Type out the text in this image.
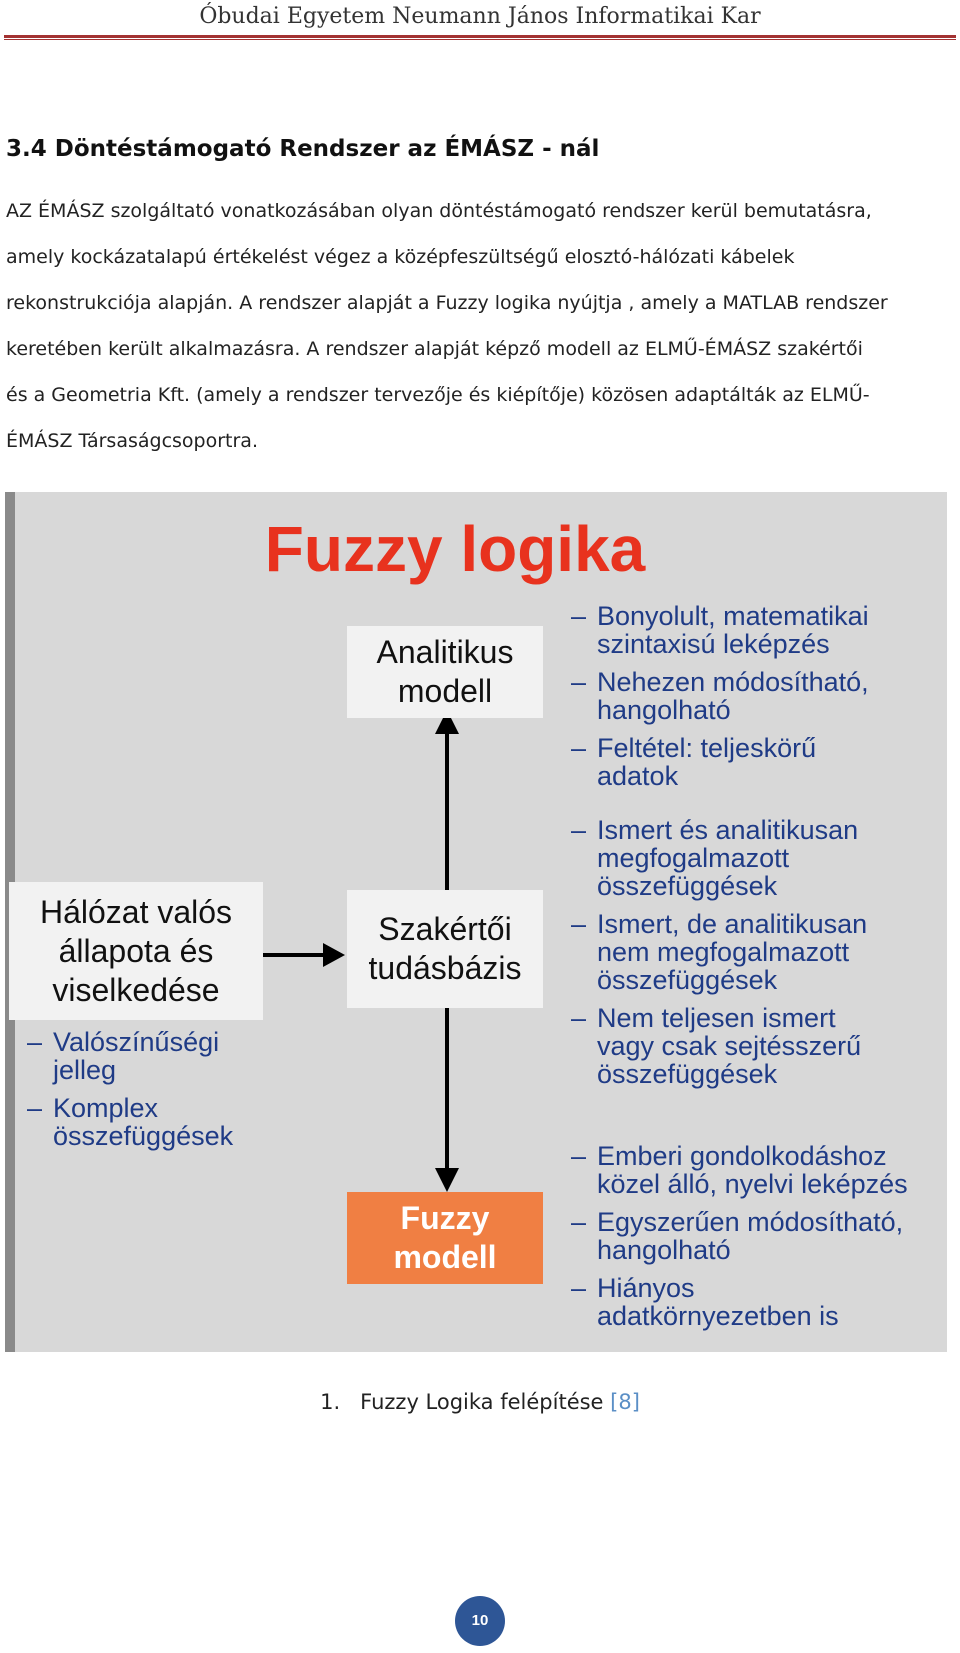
Óbudai Egyetem Neumann János Informatikai Kar
3.4 Döntéstámogató Rendszer az ÉMÁSZ - nál
AZ ÉMÁSZ szolgáltató vonatkozásában olyan döntéstámogató rendszer kerül bemutatásra,
amely kockázatalapú értékelést végez a középfeszültségű elosztó-hálózati kábelek
rekonstrukciója alapján. A rendszer alapját a Fuzzy logika nyújtja , amely a MATLAB rendszer
keretében került alkalmazásra. A rendszer alapját képző modell az ELMŰ-ÉMÁSZ szakértői
és a Geometria Kft. (amely a rendszer tervezője és kiépítője) közösen adaptálták az ELMŰ-
ÉMÁSZ Társaságcsoportra.
Fuzzy logika
Analitikus
modell
Szakértői
tudásbázis
Hálózat valós
állapota és
viselkedése
Fuzzy
modell
– Valószínűségi
jelleg
– Komplex
összefüggések
– Bonyolult, matematikai
szintaxisú leképzés
– Nehezen módosítható,
hangolható
– Feltétel: teljeskörű
adatok
– Ismert és analitikusan
megfogalmazott
összefüggések
– Ismert, de analitikusan
nem megfogalmazott
összefüggések
– Nem teljesen ismert
vagy csak sejtésszerű
összefüggések
– Emberi gondolkodáshoz
közel álló, nyelvi leképzés
– Egyszerűen módosítható,
hangolható
– Hiányos
adatkörnyezetben is
1. Fuzzy Logika felépítése [8]
10
